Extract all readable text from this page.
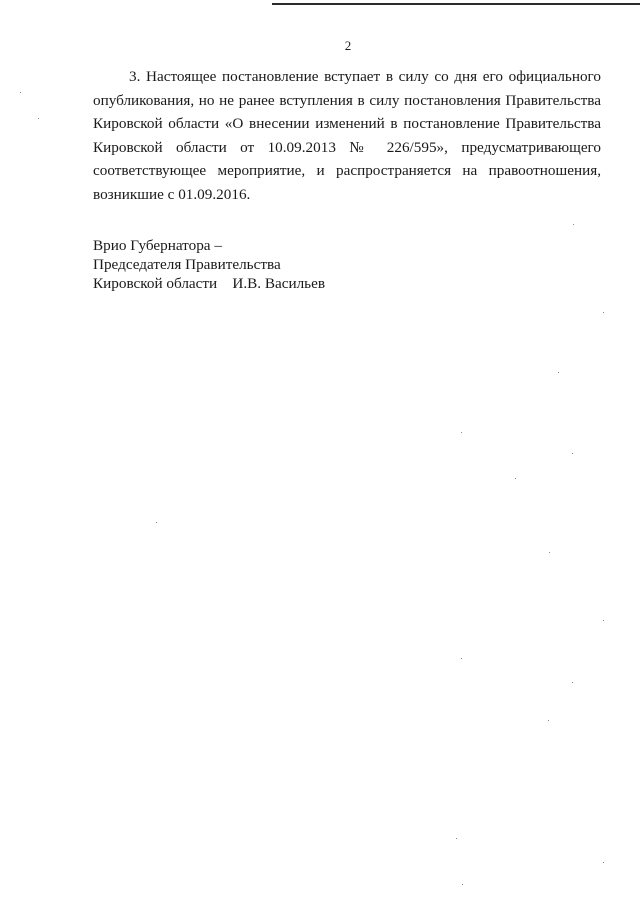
2

3. Настоящее постановление вступает в силу со дня его официального опубликования, но не ранее вступления в силу постановления Правительства Кировской области «О внесении изменений в постановление Правительства Кировской области от 10.09.2013 № 226/595», предусматривающего соответствующее мероприятие, и распространяется на правоотношения, возникшие с 01.09.2016.

Врио Губернатора –
Председателя Правительства
Кировской области    И.В. Васильев
